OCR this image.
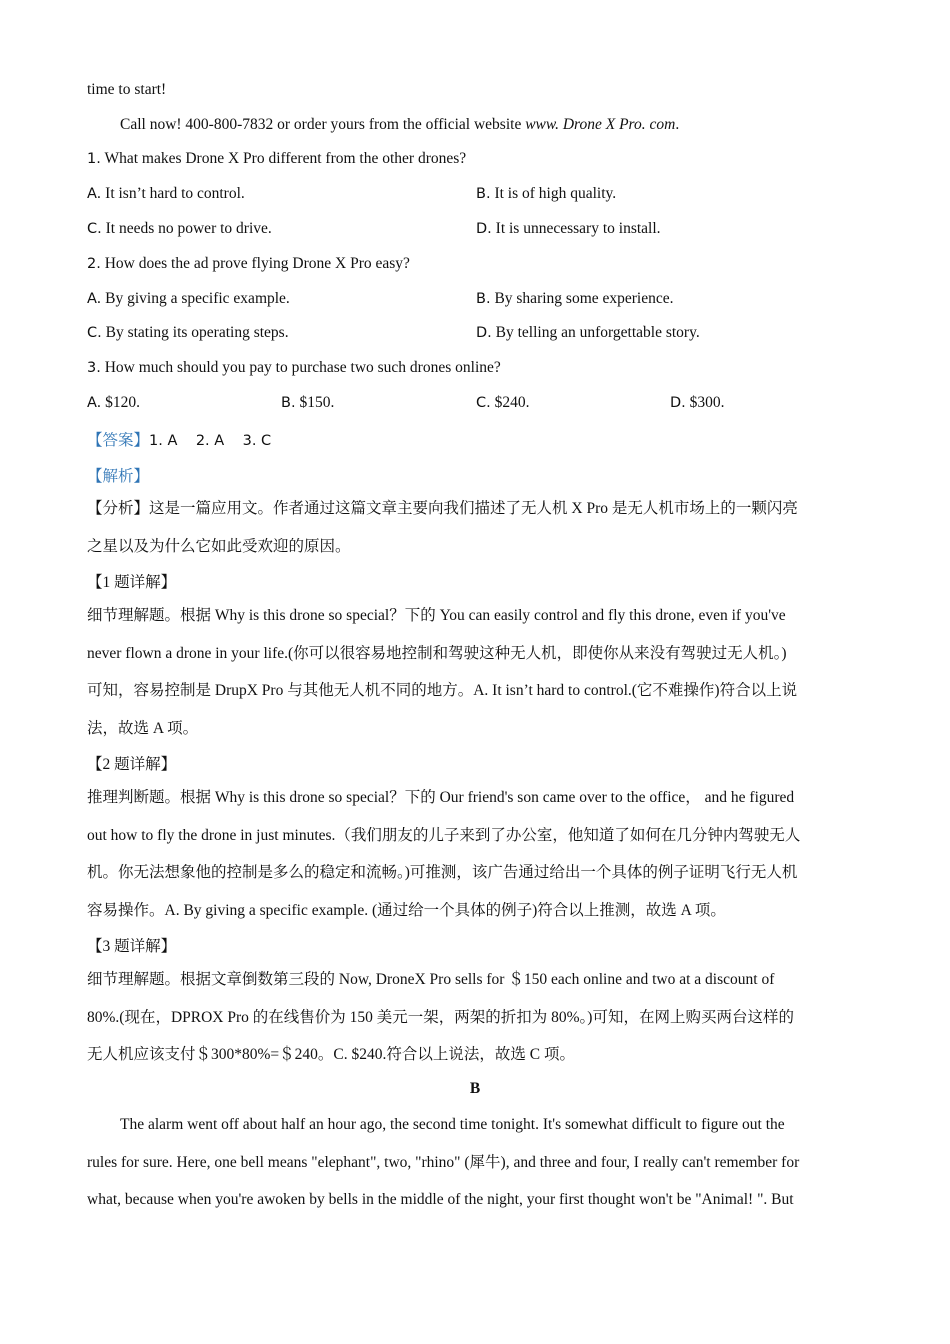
time to start!
Call now! 400-800-7832 or order yours from the official website www. Drone X Pro. com.
1. What makes Drone X Pro different from the other drones?
A. It isn’t hard to control.	B. It is of high quality.
C. It needs no power to drive.	D. It is unnecessary to install.
2. How does the ad prove flying Drone X Pro easy?
A. By giving a specific example.	B. By sharing some experience.
C. By stating its operating steps.	D. By telling an unforgettable story.
3. How much should you pay to purchase two such drones online?
A. $120.	B. $150.	C. $240.	D. $300.
【答案】1. A    2. A    3. C
【解析】

【分析】这是一篇应用文。作者通过这篇文章主要向我们描述了无人机 X Pro 是无人机市场上的一颗闪亮

之星以及为什么它如此受欢迎的原因。

【1 题详解】

细节理解题。根据 Why is this drone so special？下的 You can easily control and fly this drone, even if you've

never flown a drone in your life.(你可以很容易地控制和驾驶这种无人机，即使你从来没有驾驶过无人机。)

可知，容易控制是 DrupX Pro 与其他无人机不同的地方。A. It isn’t hard to control.(它不难操作)符合以上说

法，故选 A 项。

【2 题详解】

推理判断题。根据 Why is this drone so special？下的 Our friend's son came over to the office， and he figured

out how to fly the drone in just minutes.（我们朋友的儿子来到了办公室，他知道了如何在几分钟内驾驶无人

机。你无法想象他的控制是多么的稳定和流畅。)可推测，该广告通过给出一个具体的例子证明飞行无人机

容易操作。A. By giving a specific example. (通过给一个具体的例子)符合以上推测，故选 A 项。

【3 题详解】

细节理解题。根据文章倒数第三段的 Now, DroneX Pro sells for ＄150 each online and two at a discount of

80%.(现在，DPROX Pro 的在线售价为 150 美元一架，两架的折扣为 80%。)可知，在网上购买两台这样的

无人机应该支付＄300*80%=＄240。C. $240.符合以上说法，故选 C 项。

B

The alarm went off about half an hour ago, the second time tonight. It's somewhat difficult to figure out the

rules for sure. Here, one bell means "elephant", two, "rhino" (犀牛), and three and four, I really can't remember for

what, because when you're awoken by bells in the middle of the night, your first thought won't be "Animal! ". But
